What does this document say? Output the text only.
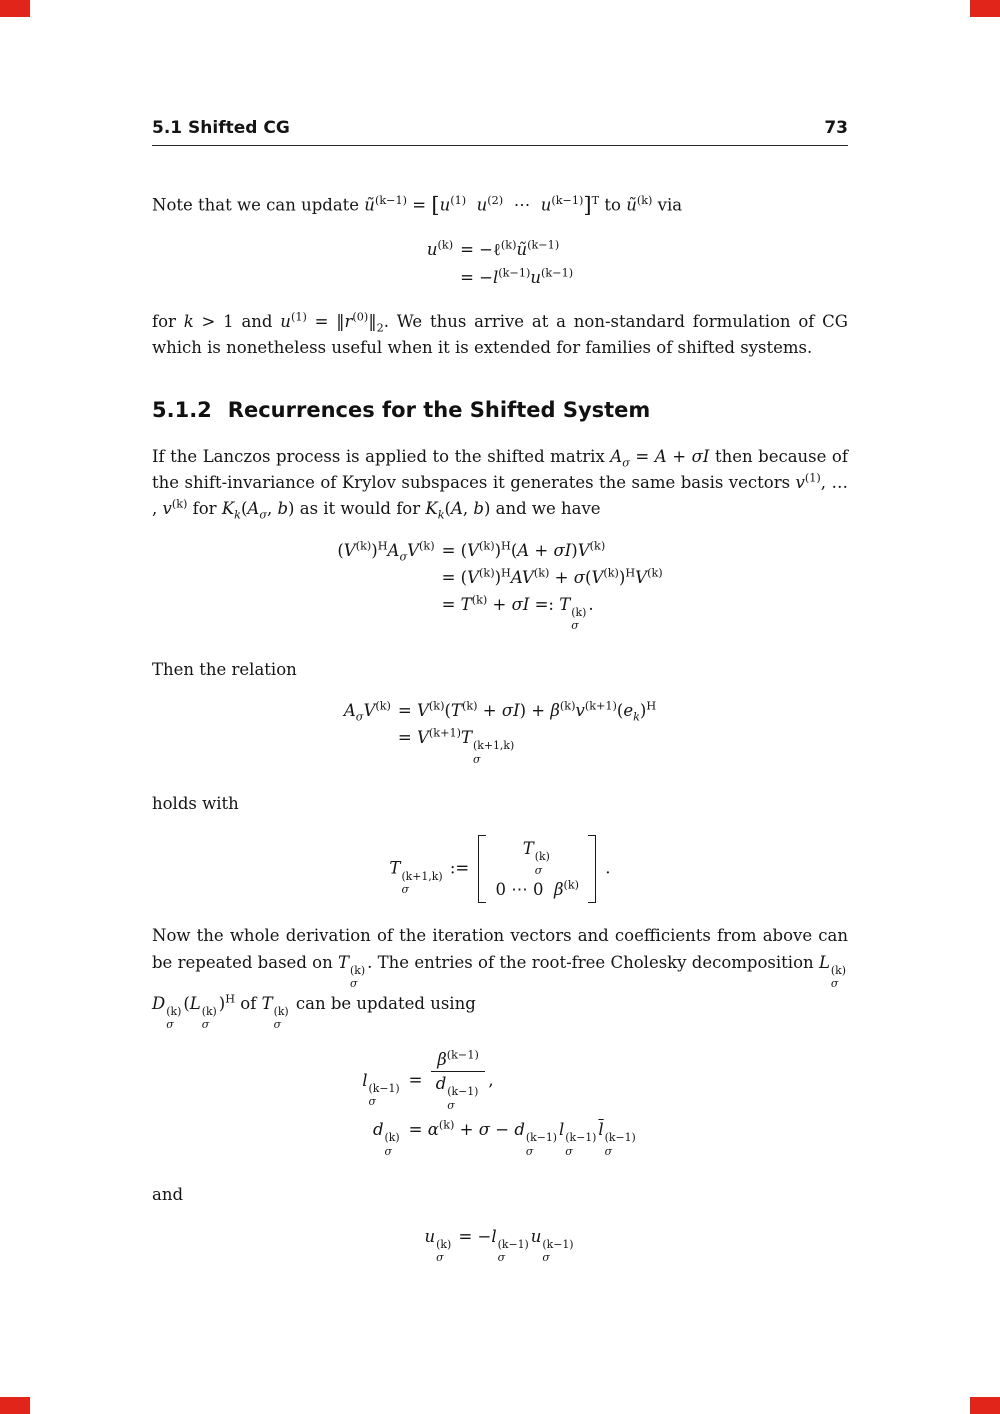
5.1 Shifted CG	73

Note that we can update $ũ^{(k-1)} = [u^{(1)}$ $u^{(2)}$  ⋯  $u^{(k-1)}]^T$ to $ũ^{(k)}$ via

$u^{(k)}$	= $-\ell^{(k)}ũ^{(k-1)}$
	= $-l^{(k-1)}u^{(k-1)}$

for k > 1 and $u^{(1)}$ = $‖r^{(0)}‖_2$. We thus arrive at a non-standard formulation of CG which is nonetheless useful when it is extended for families of shifted systems.

5.1.2 Recurrences for the Shifted System

If the Lanczos process is applied to the shifted matrix $A_\sigma = A + \sigma I$ then because of the shift-invariance of Krylov subspaces it generates the same basis vectors $v^{(1)}$, … , $v^{(k)}$ for $K_k(A_\sigma$, b) as it would for $K_k(A$, b) and we have

$(V^{(k)})^HA_\sigma V^{(k)}$	= $(V^{(k)})^H(A + \sigma I)V^{(k)}$
	= $(V^{(k)})^HAV^{(k)} + \sigma(V^{(k)})^HV^{(k)}$
	= $T^{(k)} + \sigma I$ =: T (k)
σ
.

Then the relation

$A_\sigma V^{(k)}$	= $V^{(k)}(T^{(k)} + \sigma I) + \beta^{(k)}v^{(k+1)}(e_k)^H$
	= $V^{(k+1)}T$ (k+1,k)
σ

holds with

T (k+1,k)
σ
:=
T (k)
σ
0 ⋯ 0  $\beta^{(k)}$
.

Now the whole derivation of the iteration vectors and coefficients from above can be repeated based on T (k)
σ
. The entries of the root-free Cholesky decomposition L (k)
σ
D (k)
σ
(L (k)
σ
)$^H$ of T (k)
σ
can be updated using

l (k−1)
σ
	= $\beta^{(k-1)}$
d (k−1)
σ ,
d (k)
σ
	= $\alpha^{(k)} + \sigma - d$ (k−1)
σ
l (k−1)
σ
$\overline{l}$ (k−1)
σ

and

u (k)
σ
= −l (k−1)
σ
u (k−1)
σ
